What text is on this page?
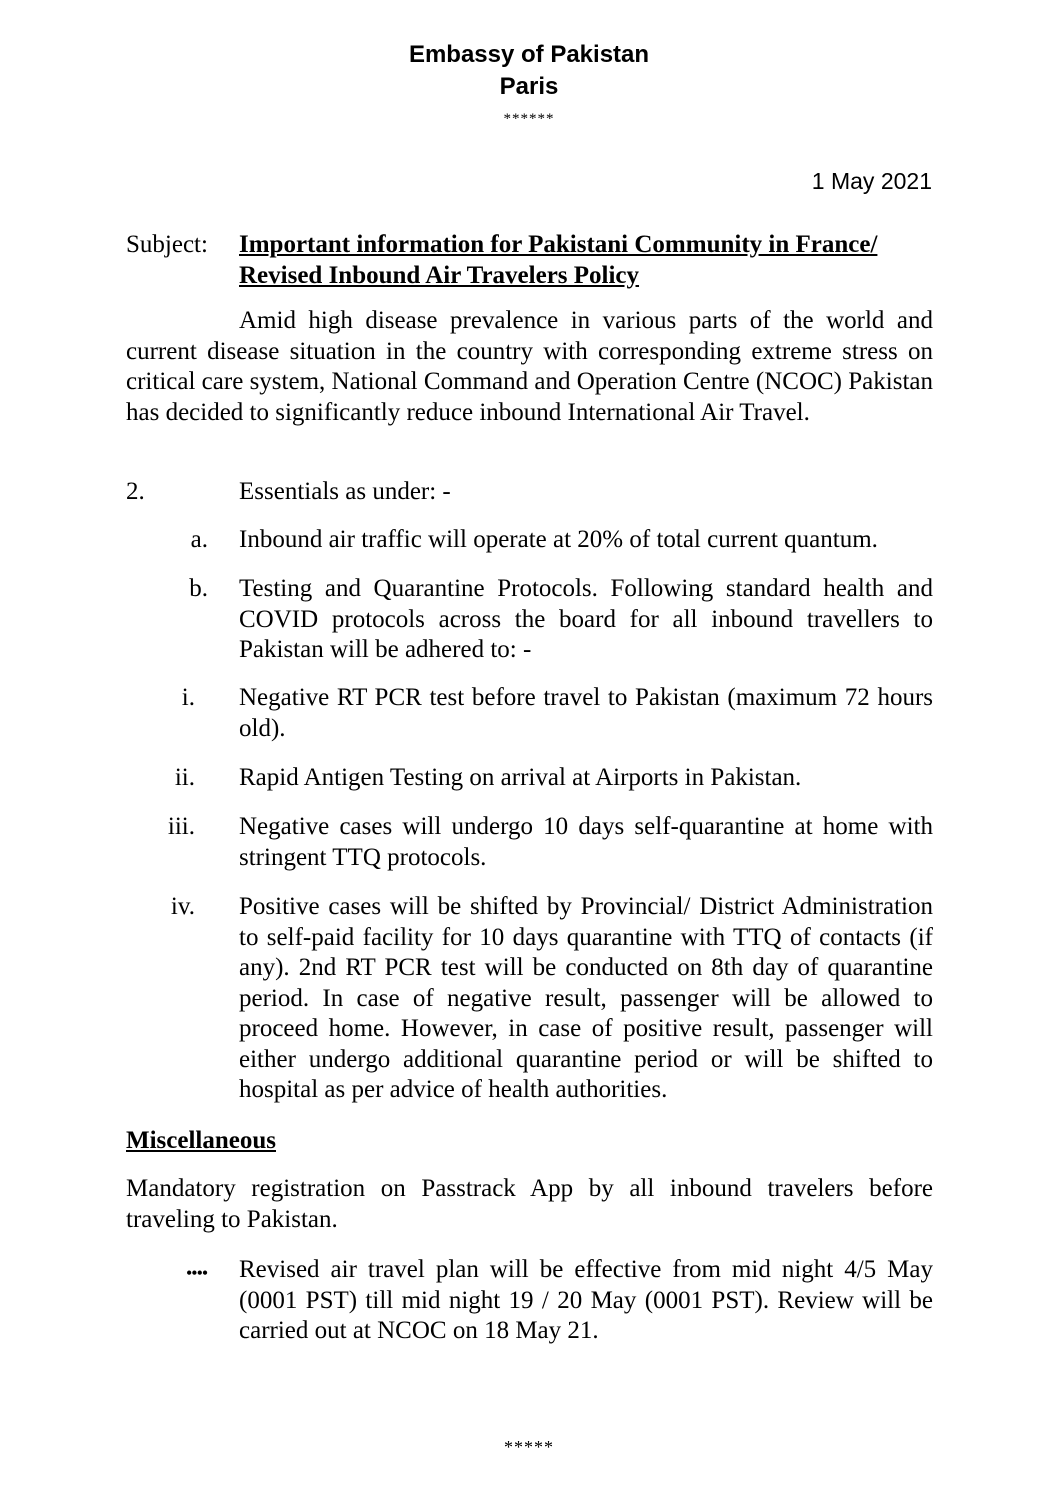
Embassy of Pakistan
Paris
******
1 May 2021
Subject: Important information for Pakistani Community in France/ Revised Inbound Air Travelers Policy

Amid high disease prevalence in various parts of the world and current disease situation in the country with corresponding extreme stress on critical care system, National Command and Operation Centre (NCOC) Pakistan has decided to significantly reduce inbound International Air Travel.

2.	Essentials as under: -
a. Inbound air traffic will operate at 20% of total current quantum.

b. Testing and Quarantine Protocols. Following standard health and COVID protocols across the board for all inbound travellers to Pakistan will be adhered to: -

i. Negative RT PCR test before travel to Pakistan (maximum 72 hours old).

ii. Rapid Antigen Testing on arrival at Airports in Pakistan.

iii. Negative cases will undergo 10 days self-quarantine at home with stringent TTQ protocols.

iv. Positive cases will be shifted by Provincial/ District Administration to self-paid facility for 10 days quarantine with TTQ of contacts (if any). 2nd RT PCR test will be conducted on 8th day of quarantine period. In case of negative result, passenger will be allowed to proceed home. However, in case of positive result, passenger will either undergo additional quarantine period or will be shifted to hospital as per advice of health authorities.

Miscellaneous

Mandatory registration on Passtrack App by all inbound travelers before traveling to Pakistan.

•••• Revised air travel plan will be effective from mid night 4/5 May (0001 PST) till mid night 19 / 20 May (0001 PST). Review will be carried out at NCOC on 18 May 21.

*****
